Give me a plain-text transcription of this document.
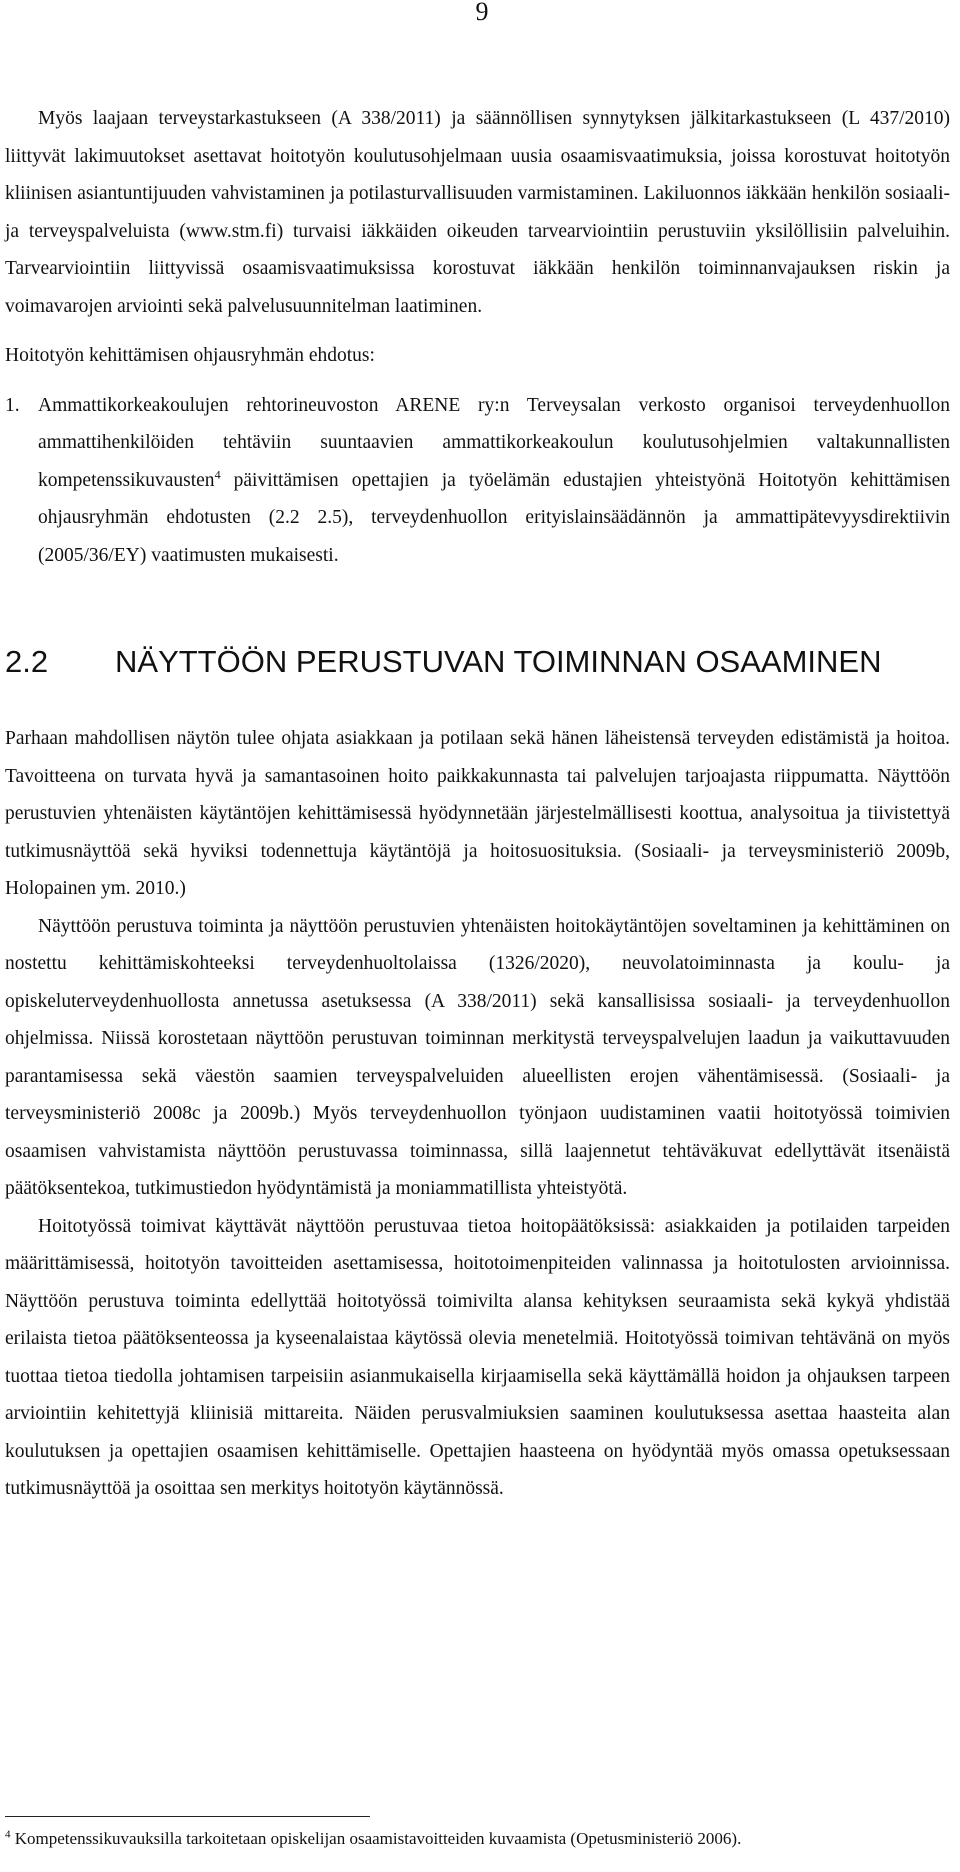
9

Myös laajaan terveystarkastukseen (A 338/2011) ja säännöllisen synnytyksen jälkitarkastukseen (L 437/2010) liittyvät lakimuutokset asettavat hoitotyön koulutusohjelmaan uusia osaamisvaatimuksia, joissa korostuvat hoitotyön kliinisen asiantuntijuuden vahvistaminen ja potilasturvallisuuden varmistaminen. Lakiluonnos iäkkään henkilön sosiaali- ja terveyspalveluista (www.stm.fi) turvaisi iäkkäiden oikeuden tarvearviointiin perustuviin yksilöllisiin palveluihin. Tarvearviointiin liittyvissä osaamisvaatimuksissa korostuvat iäkkään henkilön toiminnanvajauksen riskin ja voimavarojen arviointi sekä palvelusuunnitelman laatiminen.

Hoitotyön kehittämisen ohjausryhmän ehdotus:

1. Ammattikorkeakoulujen rehtorineuvoston ARENE ry:n Terveysalan verkosto organisoi terveydenhuollon ammattihenkilöiden tehtäviin suuntaavien ammattikorkeakoulun koulutusohjelmien valtakunnallisten kompetenssikuvausten$^4$ päivittämisen opettajien ja työelämän edustajien yhteistyönä Hoitotyön kehittämisen ohjausryhmän ehdotusten (2.2 2.5), terveydenhuollon erityislainsäädännön ja ammattipätevyysdirektiivin (2005/36/EY) vaatimusten mukaisesti.
2.2	NÄYTTÖÖN PERUSTUVAN TOIMINNAN OSAAMINEN

Parhaan mahdollisen näytön tulee ohjata asiakkaan ja potilaan sekä hänen läheistensä terveyden edistämistä ja hoitoa. Tavoitteena on turvata hyvä ja samantasoinen hoito paikkakunnasta tai palvelujen tarjoajasta riippumatta. Näyttöön perustuvien yhtenäisten käytäntöjen kehittämisessä hyödynnetään järjestelmällisesti koottua, analysoitua ja tiivistettyä tutkimusnäyttöä sekä hyviksi todennettuja käytäntöjä ja hoitosuosituksia. (Sosiaali- ja terveysministeriö 2009b, Holopainen ym. 2010.)

Näyttöön perustuva toiminta ja näyttöön perustuvien yhtenäisten hoitokäytäntöjen soveltaminen ja kehittäminen on nostettu kehittämiskohteeksi terveydenhuoltolaissa (1326/2020), neuvolatoiminnasta ja koulu- ja opiskeluterveydenhuollosta annetussa asetuksessa (A 338/2011) sekä kansallisissa sosiaali- ja terveydenhuollon ohjelmissa. Niissä korostetaan näyttöön perustuvan toiminnan merkitystä terveyspalvelujen laadun ja vaikuttavuuden parantamisessa sekä väestön saamien terveyspalveluiden alueellisten erojen vähentämisessä. (Sosiaali- ja terveysministeriö 2008c ja 2009b.) Myös terveydenhuollon työnjaon uudistaminen vaatii hoitotyössä toimivien osaamisen vahvistamista näyttöön perustuvassa toiminnassa, sillä laajennetut tehtäväkuvat edellyttävät itsenäistä päätöksentekoa, tutkimustiedon hyödyntämistä ja moniammatillista yhteistyötä.

Hoitotyössä toimivat käyttävät näyttöön perustuvaa tietoa hoitopäätöksissä: asiakkaiden ja potilaiden tarpeiden määrittämisessä, hoitotyön tavoitteiden asettamisessa, hoitotoimenpiteiden valinnassa ja hoitotulosten arvioinnissa. Näyttöön perustuva toiminta edellyttää hoitotyössä toimivilta alansa kehityksen seuraamista sekä kykyä yhdistää erilaista tietoa päätöksenteossa ja kyseenalaistaa käytössä olevia menetelmiä. Hoitotyössä toimivan tehtävänä on myös tuottaa tietoa tiedolla johtamisen tarpeisiin asianmukaisella kirjaamisella sekä käyttämällä hoidon ja ohjauksen tarpeen arviointiin kehitettyjä kliinisiä mittareita. Näiden perusvalmiuksien saaminen koulutuksessa asettaa haasteita alan koulutuksen ja opettajien osaamisen kehittämiselle. Opettajien haasteena on hyödyntää myös omassa opetuksessaan tutkimusnäyttöä ja osoittaa sen merkitys hoitotyön käytännössä.

$^4$ Kompetenssikuvauksilla tarkoitetaan opiskelijan osaamistavoitteiden kuvaamista (Opetusministeriö 2006).
